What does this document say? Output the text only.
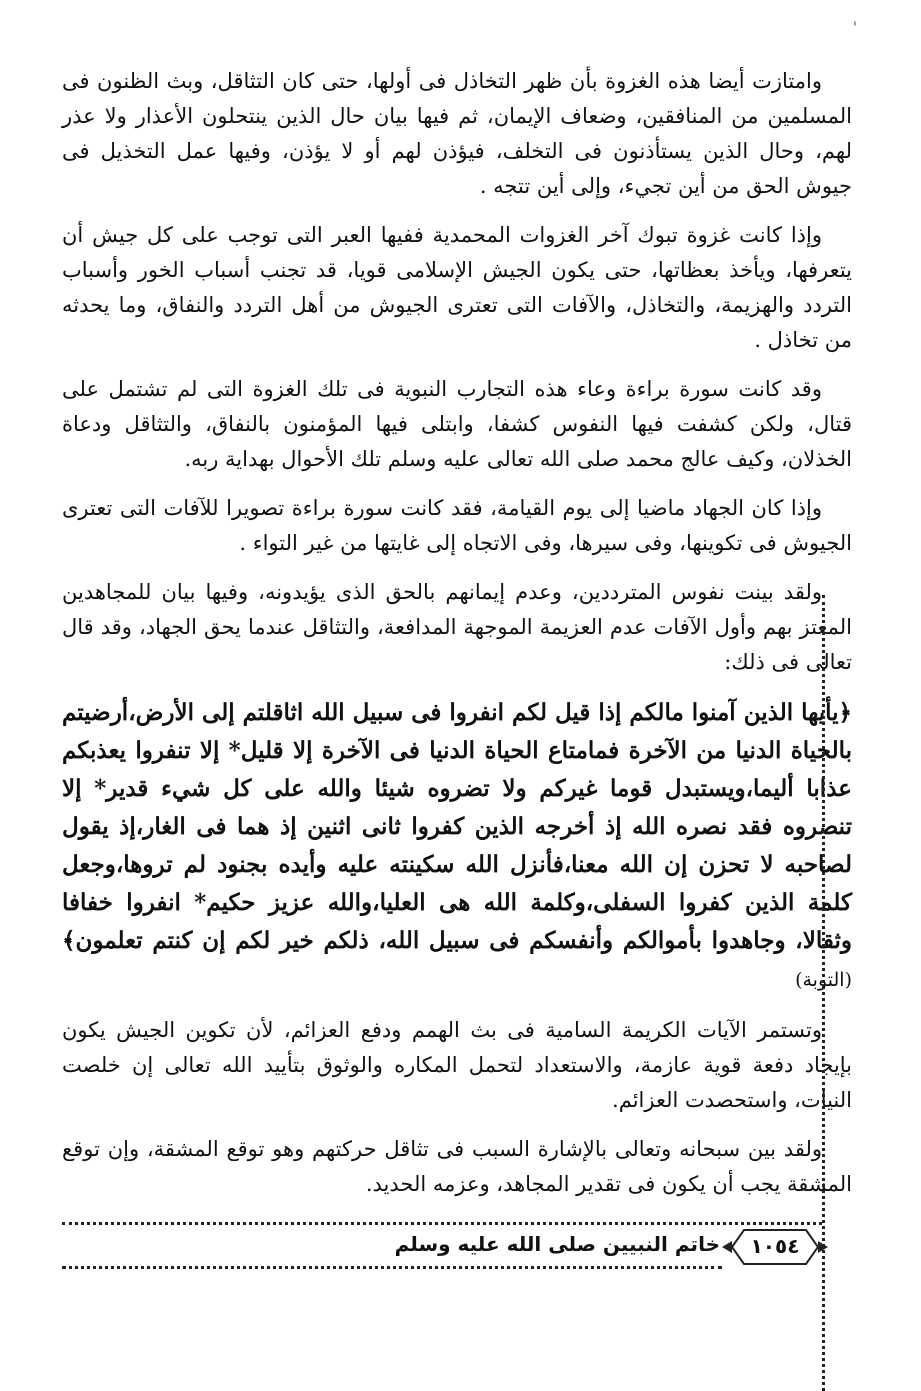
'

وامتازت أيضا هذه الغزوة بأن ظهر التخاذل فى أولها، حتى كان التثاقل، وبث الظنون فى المسلمين من المنافقين، وضعاف الإيمان، ثم فيها بيان حال الذين ينتحلون الأعذار ولا عذر لهم، وحال الذين يستأذنون فى التخلف، فيؤذن لهم أو لا يؤذن، وفيها عمل التخذيل فى جيوش الحق من أين تجيء، وإلى أين تتجه .

وإذا كانت غزوة تبوك آخر الغزوات المحمدية ففيها العبر التى توجب على كل جيش أن يتعرفها، ويأخذ بعظاتها، حتى يكون الجيش الإسلامى قويا، قد تجنب أسباب الخور وأسباب التردد والهزيمة، والتخاذل، والآفات التى تعترى الجيوش من أهل التردد والنفاق، وما يحدثه من تخاذل .

وقد كانت سورة براءة وعاء هذه التجارب النبوية فى تلك الغزوة التى لم تشتمل على قتال، ولكن كشفت فيها النفوس كشفا، وابتلى فيها المؤمنون بالنفاق، والتثاقل ودعاة الخذلان، وكيف عالج محمد صلى الله تعالى عليه وسلم تلك الأحوال بهداية ربه.

وإذا كان الجهاد ماضيا إلى يوم القيامة، فقد كانت سورة براءة تصويرا للآفات التى تعترى الجيوش فى تكوينها، وفى سيرها، وفى الاتجاه إلى غايتها من غير التواء .

ولقد بينت نفوس المترددين، وعدم إيمانهم بالحق الذى يؤيدونه، وفيها بيان للمجاهدين المعتز بهم وأول الآفات عدم العزيمة الموجهة المدافعة، والتثاقل عندما يحق الجهاد، وقد قال تعالى فى ذلك:

﴿يأيها الذين آمنوا مالكم إذا قيل لكم انفروا فى سبيل الله اثاقلتم إلى الأرض،أرضيتم بالحياة الدنيا من الآخرة فمامتاع الحياة الدنيا فى الآخرة إلا قليل* إلا تنفروا يعذبكم عذابا أليما،ويستبدل قوما غيركم ولا تضروه شيئا والله على كل شيء قدير* إلا تنصروه فقد نصره الله إذ أخرجه الذين كفروا ثانى اثنين إذ هما فى الغار،إذ يقول لصاحبه لا تحزن إن الله معنا،فأنزل الله سكينته عليه وأيده بجنود لم تروها،وجعل كلمة الذين كفروا السفلى،وكلمة الله هى العليا،والله عزيز حكيم* انفروا خفافا وثقالا، وجاهدوا بأموالكم وأنفسكم فى سبيل الله، ذلكم خير لكم إن كنتم تعلمون﴾ (التوبة)

وتستمر الآيات الكريمة السامية فى بث الهمم ودفع العزائم، لأن تكوين الجيش يكون بإيجاد دفعة قوية عازمة، والاستعداد لتحمل المكاره والوثوق بتأييد الله تعالى إن خلصت النيات، واستحصدت العزائم.

ولقد بين سبحانه وتعالى بالإشارة السبب فى تثاقل حركتهم وهو توقع المشقة، وإن توقع المشقة يجب أن يكون فى تقدير المجاهد، وعزمه الحديد.

خاتم النبيين صلى الله عليه وسلم	١٠٥٤
